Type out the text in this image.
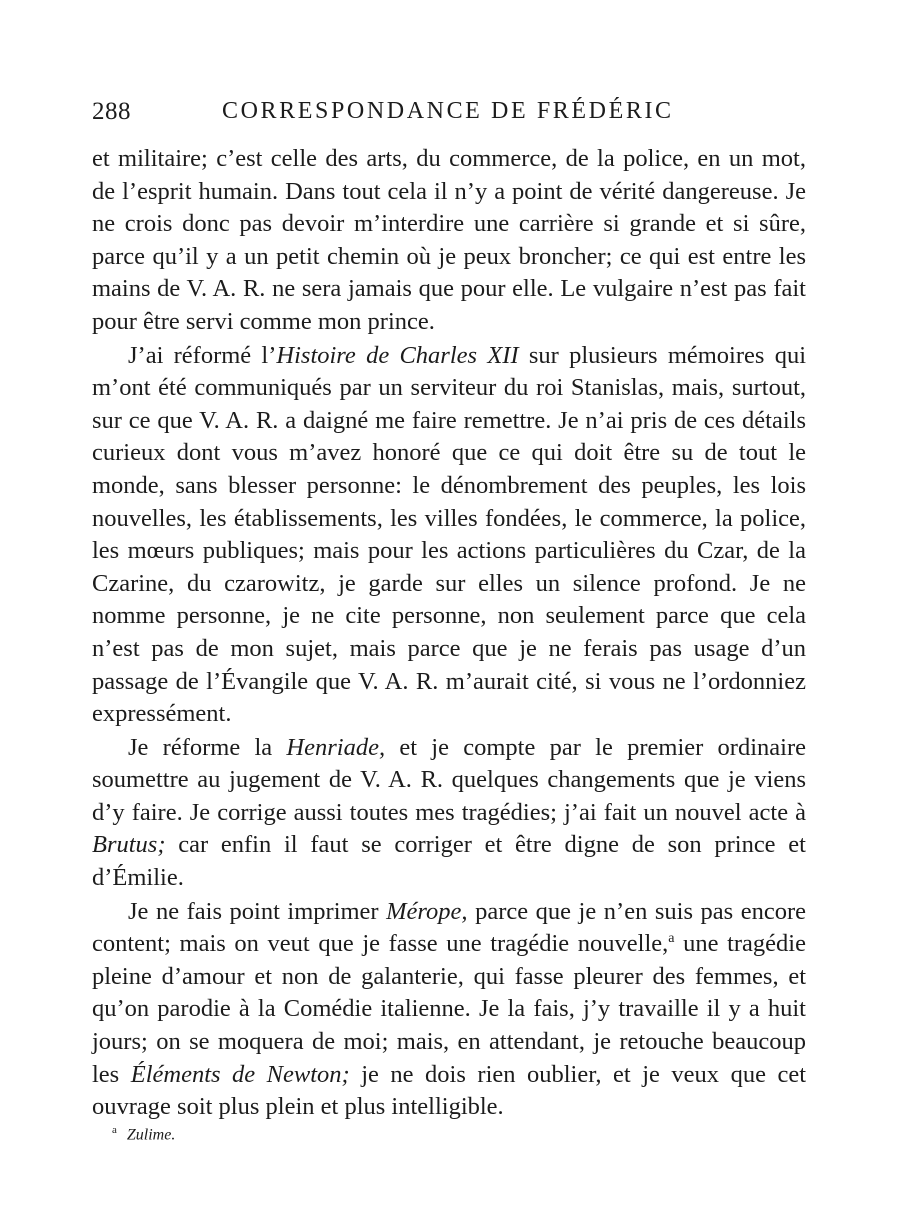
288	CORRESPONDANCE DE FRÉDÉRIC

et militaire; c’est celle des arts, du commerce, de la police, en un mot, de l’esprit humain. Dans tout cela il n’y a point de vérité dangereuse. Je ne crois donc pas devoir m’interdire une carrière si grande et si sûre, parce qu’il y a un petit chemin où je peux broncher; ce qui est entre les mains de V. A. R. ne sera jamais que pour elle. Le vulgaire n’est pas fait pour être servi comme mon prince.

J’ai réformé l’Histoire de Charles XII sur plusieurs mémoires qui m’ont été communiqués par un serviteur du roi Stanislas, mais, surtout, sur ce que V. A. R. a daigné me faire remettre. Je n’ai pris de ces détails curieux dont vous m’avez honoré que ce qui doit être su de tout le monde, sans blesser personne: le dénombrement des peuples, les lois nouvelles, les établissements, les villes fondées, le commerce, la police, les mœurs publiques; mais pour les actions particulières du Czar, de la Czarine, du czarowitz, je garde sur elles un silence profond. Je ne nomme personne, je ne cite personne, non seulement parce que cela n’est pas de mon sujet, mais parce que je ne ferais pas usage d’un passage de l’Évangile que V. A. R. m’aurait cité, si vous ne l’ordonniez expressément.

Je réforme la Henriade, et je compte par le premier ordinaire soumettre au jugement de V. A. R. quelques changements que je viens d’y faire. Je corrige aussi toutes mes tragédies; j’ai fait un nouvel acte à Brutus; car enfin il faut se corriger et être digne de son prince et d’Émilie.

Je ne fais point imprimer Mérope, parce que je n’en suis pas encore content; mais on veut que je fasse une tragédie nouvelle,$^a$ une tragédie pleine d’amour et non de galanterie, qui fasse pleurer des femmes, et qu’on parodie à la Comédie italienne. Je la fais, j’y travaille il y a huit jours; on se moquera de moi; mais, en attendant, je retouche beaucoup les Éléments de Newton; je ne dois rien oublier, et je veux que cet ouvrage soit plus plein et plus intelligible.

$^a$ Zulime.
